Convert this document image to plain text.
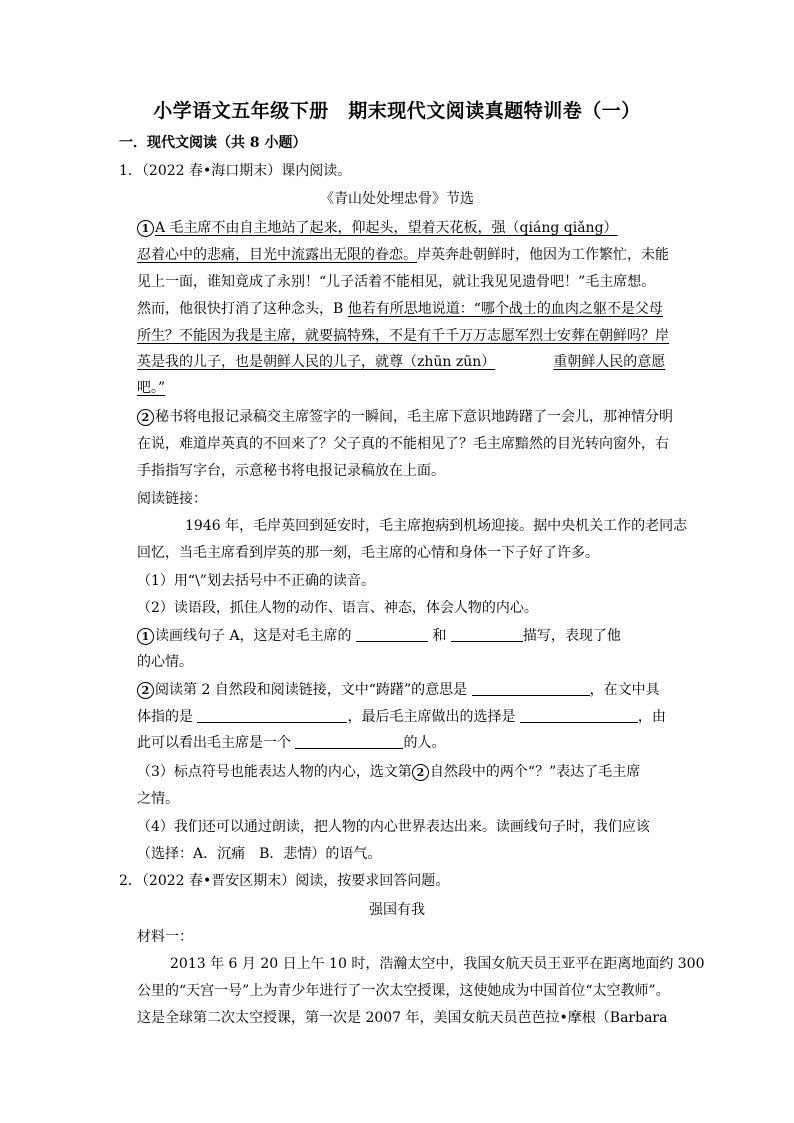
小学语文五年级下册　期末现代文阅读真题特训卷（一）
一．现代文阅读（共 8 小题）
1．（2022 春•海口期末）课内阅读。
《青山处处埋忠骨》节选
1 A 毛主席不由自主地站了起来，仰起头，望着天花板，强（qiáng qiǎng）
忍着心中的悲痛，目光中流露出无限的眷恋。岸英奔赴朝鲜时，他因为工作繁忙，未能
见上一面，谁知竟成了永别！“儿子活着不能相见，就让我见见遗骨吧！”毛主席想。
然而，他很快打消了这种念头，B 他若有所思地说道：“哪个战士的血肉之躯不是父母
所生？不能因为我是主席，就要搞特殊，不是有千千万万志愿军烈士安葬在朝鲜吗？岸
英是我的儿子，也是朝鲜人民的儿子，就尊（zhūn zūn）	重朝鲜人民的意愿
吧。”
2 秘书将电报记录稿交主席签字的一瞬间，毛主席下意识地踌躇了一会儿，那神情分明
在说，难道岸英真的不回来了？父子真的不能相见了？毛主席黯然的目光转向窗外，右
手指指写字台，示意秘书将电报记录稿放在上面。
阅读链接：
1946 年，毛岸英回到延安时，毛主席抱病到机场迎接。据中央机关工作的老同志
回忆，当毛主席看到岸英的那一刻，毛主席的心情和身体一下子好了许多。
（1）用“\”划去括号中不正确的读音。
（2）读语段，抓住人物的动作、语言、神态，体会人物的内心。
1 读画线句子 A，这是对毛主席的	和	描写，表现了他
的心情。
2 阅读第 2 自然段和阅读链接，文中“踌躇”的意思是	，在文中具
体指的是	，最后毛主席做出的选择是	，由
此可以看出毛主席是一个	的人。
（3）标点符号也能表达人物的内心，选文第 2 自然段中的两个“？”表达了毛主席
之情。
（4）我们还可以通过朗读，把人物的内心世界表达出来。读画线句子时，我们应该
（选择：A．沉痛　B．悲情）的语气。
2．（2022 春•晋安区期末）阅读，按要求回答问题。
强国有我
材料一：
2013 年 6 月 20 日上午 10 时，浩瀚太空中，我国女航天员王亚平在距离地面约 300
公里的“天宫一号”上为青少年进行了一次太空授课，这使她成为中国首位“太空教师”。
这是全球第二次太空授课，第一次是 2007 年，美国女航天员芭芭拉•摩根（Barbara
